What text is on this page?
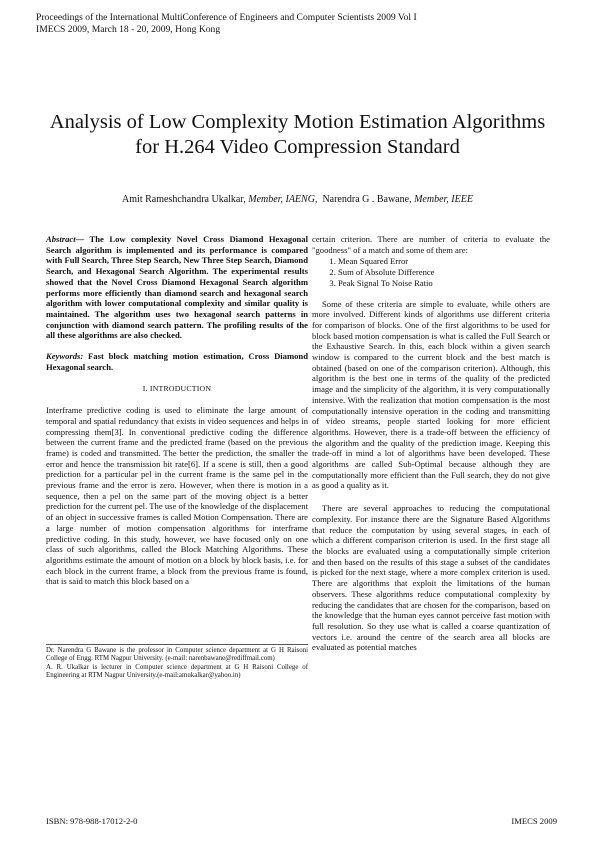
Proceedings of the International MultiConference of Engineers and Computer Scientists 2009 Vol I
IMECS 2009, March 18 - 20, 2009, Hong Kong
Analysis of Low Complexity Motion Estimation Algorithms for H.264 Video Compression Standard
Amit Rameshchandra Ukalkar, Member, IAENG,  Narendra G . Bawane, Member, IEEE

Abstract— The Low complexity Novel Cross Diamond Hexagonal Search algorithm is implemented and its performance is compared with Full Search, Three Step Search, New Three Step Search, Diamond Search, and Hexagonal Search Algorithm. The experimental results showed that the Novel Cross Diamond Hexagonal Search algorithm performs more efficiently than diamond search and hexagonal search algorithm with lower computational complexity and similar quality is maintained. The algorithm uses two hexagonal search patterns in conjunction with diamond search pattern. The profiling results of the all these algorithms are also checked.

Keywords: Fast block matching motion estimation, Cross Diamond Hexagonal search.

I. INTRODUCTION

Interframe predictive coding is used to eliminate the large amount of temporal and spatial redundancy that exists in video sequences and helps in compressing them[3]. In conventional predictive coding the difference between the current frame and the predicted frame (based on the previous frame) is coded and transmitted. The better the prediction, the smaller the error and hence the transmission bit rate[6]. If a scene is still, then a good prediction for a particular pel in the current frame is the same pel in the previous frame and the error is zero. However, when there is motion in a sequence, then a pel on the same part of the moving object is a better prediction for the current pel. The use of the knowledge of the displacement of an object in successive frames is called Motion Compensation. There are a large number of motion compensation algorithms for interframe predictive coding. In this study, however, we have focused only on one class of such algorithms, called the Block Matching Algorithms. These algorithms estimate the amount of motion on a block by block basis, i.e. for each block in the current frame, a block from the previous frame is found, that is said to match this block based on a

certain criterion. There are number of criteria to evaluate the "goodness" of a match and some of them are:

1. Mean Squared Error
2. Sum of Absolute Difference
3. Peak Signal To Noise Ratio

Some of these criteria are simple to evaluate, while others are more involved. Different kinds of algorithms use different criteria for comparison of blocks. One of the first algorithms to be used for block based motion compensation is what is called the Full Search or the Exhaustive Search. In this, each block within a given search window is compared to the current block and the best match is obtained (based on one of the comparison criterion). Although, this algorithm is the best one in terms of the quality of the predicted image and the simplicity of the algorithm, it is very computationally intensive. With the realization that motion compensation is the most computationally intensive operation in the coding and transmitting of video streams, people started looking for more efficient algorithms. However, there is a trade-off between the efficiency of the algorithm and the quality of the prediction image. Keeping this trade-off in mind a lot of algorithms have been developed. These algorithms are called Sub-Optimal because although they are computationally more efficient than the Full search, they do not give as good a quality as it.

There are several approaches to reducing the computational complexity. For instance there are the Signature Based Algorithms that reduce the computation by using several stages, in each of which a different comparison criterion is used. In the first stage all the blocks are evaluated using a computationally simple criterion and then based on the results of this stage a subset of the candidates is picked for the next stage, where a more complex criterion is used. There are algorithms that exploit the limitations of the human observers. These algorithms reduce computational complexity by reducing the candidates that are chosen for the comparison, based on the knowledge that the human eyes cannot perceive fast motion with full resolution. So they use what is called a coarse quantization of vectors i.e. around the centre of the search area all blocks are evaluated as potential matches

Dr. Narendra G Bawane is the professor in Computer science department at G H Raisoni College of Engg. RTM Nagpur University. (e-mail: narenbawane@rediffmail.com)

A. R. Ukalkar is lecturer in Computer science department at G H Raisoni College of Engineering at RTM Nagpur University.(e-mail:amukalkar@yahoo.in)

ISBN: 978-988-17012-2-0	IMECS 2009
